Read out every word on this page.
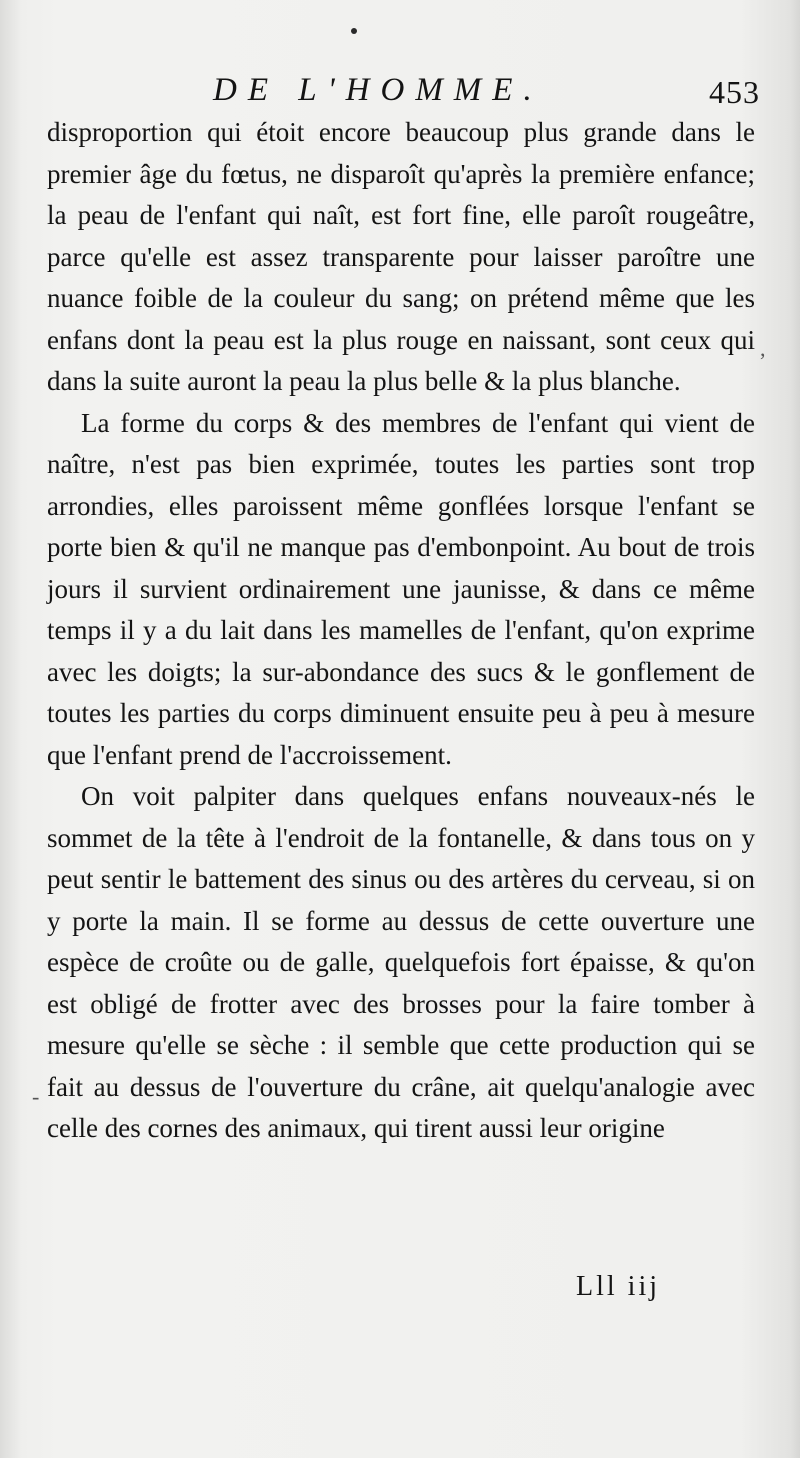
DE L'HOMME.	453

disproportion qui étoit encore beaucoup plus grande dans le premier âge du fœtus, ne disparoît qu'après la première enfance; la peau de l'enfant qui naît, est fort fine, elle paroît rougeâtre, parce qu'elle est assez transparente pour laisser paroître une nuance foible de la couleur du sang; on prétend même que les enfans dont la peau est la plus rouge en naissant, sont ceux qui dans la suite auront la peau la plus belle & la plus blanche.

La forme du corps & des membres de l'enfant qui vient de naître, n'est pas bien exprimée, toutes les parties sont trop arrondies, elles paroissent même gonflées lorsque l'enfant se porte bien & qu'il ne manque pas d'embonpoint. Au bout de trois jours il survient ordinairement une jaunisse, & dans ce même temps il y a du lait dans les mamelles de l'enfant, qu'on exprime avec les doigts; la sur-abondance des sucs & le gonflement de toutes les parties du corps diminuent ensuite peu à peu à mesure que l'enfant prend de l'accroissement.

On voit palpiter dans quelques enfans nouveaux-nés le sommet de la tête à l'endroit de la fontanelle, & dans tous on y peut sentir le battement des sinus ou des artères du cerveau, si on y porte la main. Il se forme au dessus de cette ouverture une espèce de croûte ou de galle, quelquefois fort épaisse, & qu'on est obligé de frotter avec des brosses pour la faire tomber à mesure qu'elle se sèche : il semble que cette production qui se fait au dessus de l'ouverture du crâne, ait quelqu'analogie avec celle des cornes des animaux, qui tirent aussi leur origine

Lll iij
,
-
